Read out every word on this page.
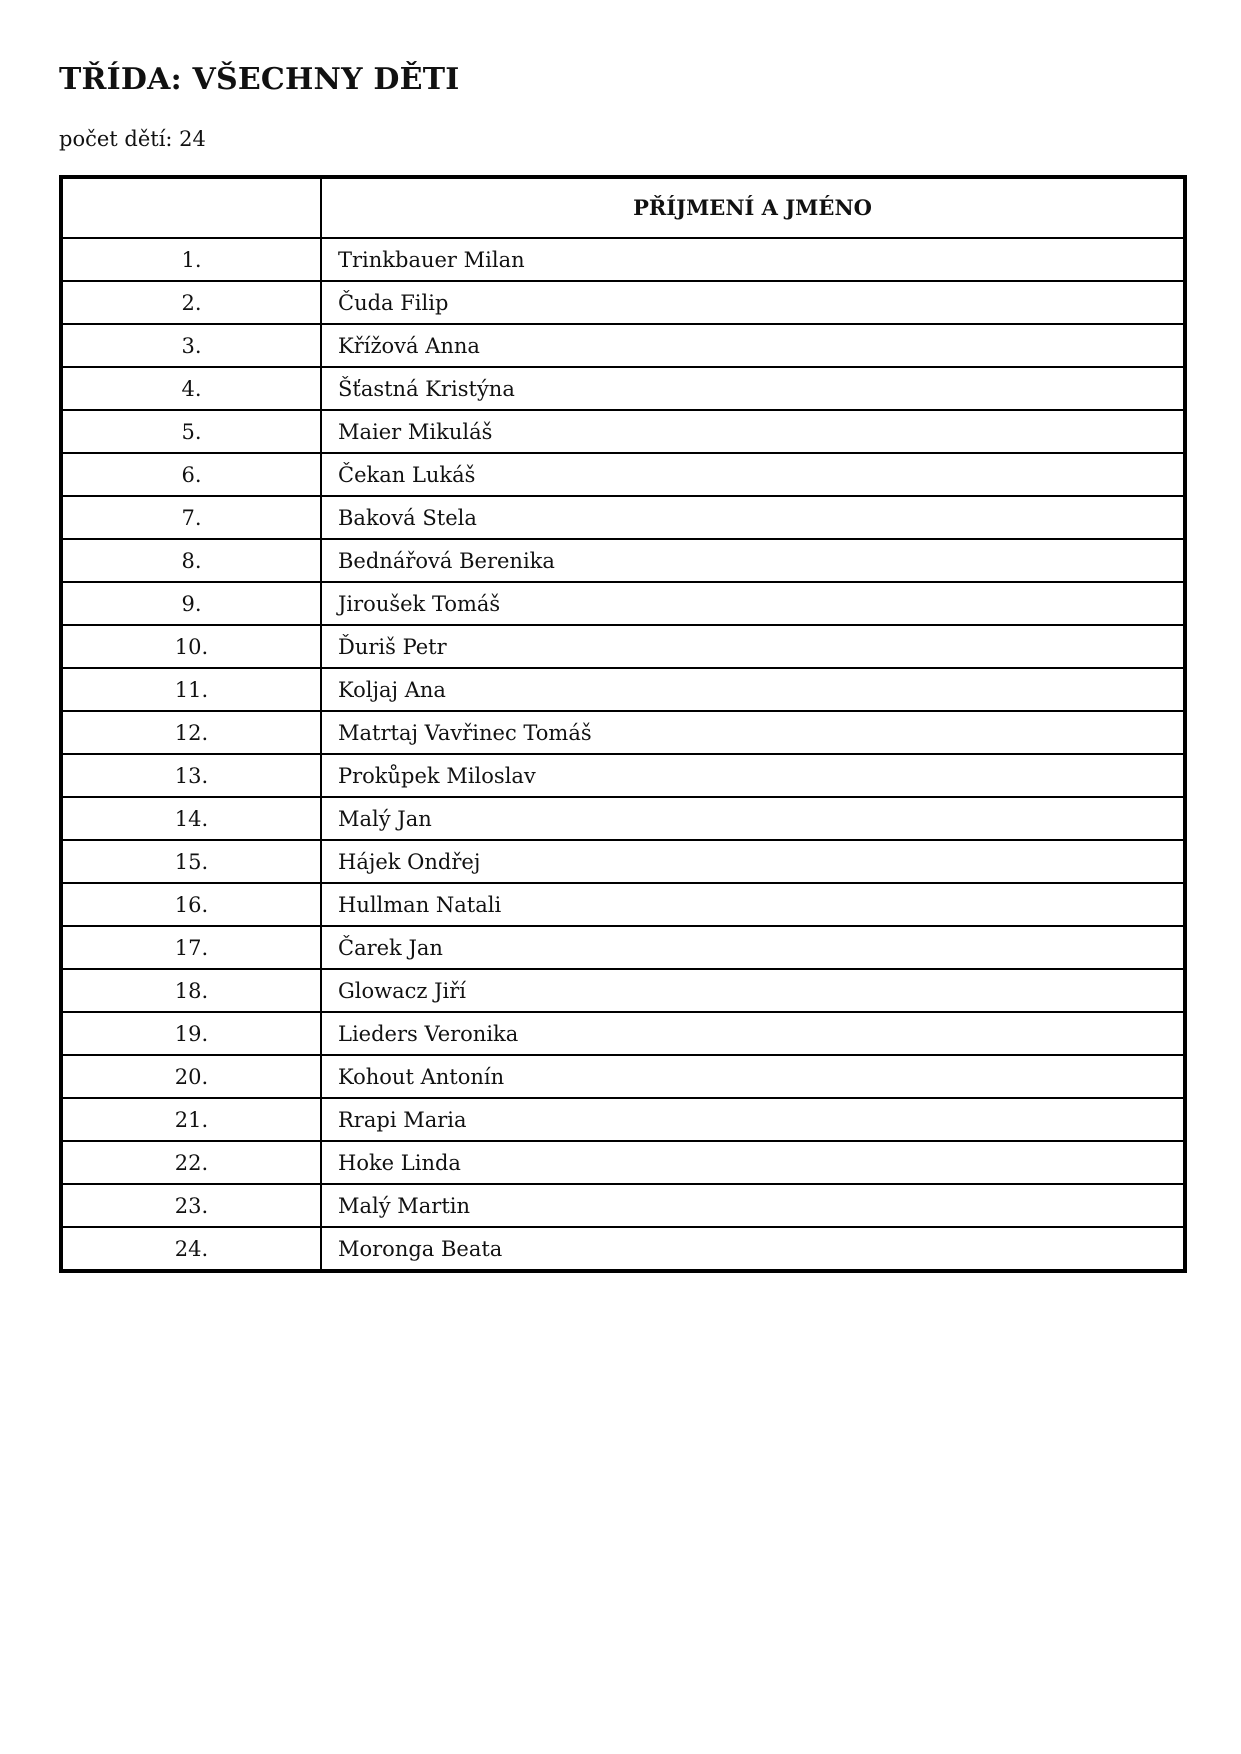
TŘÍDA: VŠECHNY DĚTI
počet dětí: 24
	PŘÍJMENÍ A JMÉNO
1.	Trinkbauer Milan
2.	Čuda Filip
3.	Křížová Anna
4.	Šťastná Kristýna
5.	Maier Mikuláš
6.	Čekan Lukáš
7.	Baková Stela
8.	Bednářová Berenika
9.	Jiroušek Tomáš
10.	Ďuriš Petr
11.	Koljaj Ana
12.	Matrtaj Vavřinec Tomáš
13.	Prokůpek Miloslav
14.	Malý Jan
15.	Hájek Ondřej
16.	Hullman Natali
17.	Čarek Jan
18.	Glowacz Jiří
19.	Lieders Veronika
20.	Kohout Antonín
21.	Rrapi Maria
22.	Hoke Linda
23.	Malý Martin
24.	Moronga Beata
